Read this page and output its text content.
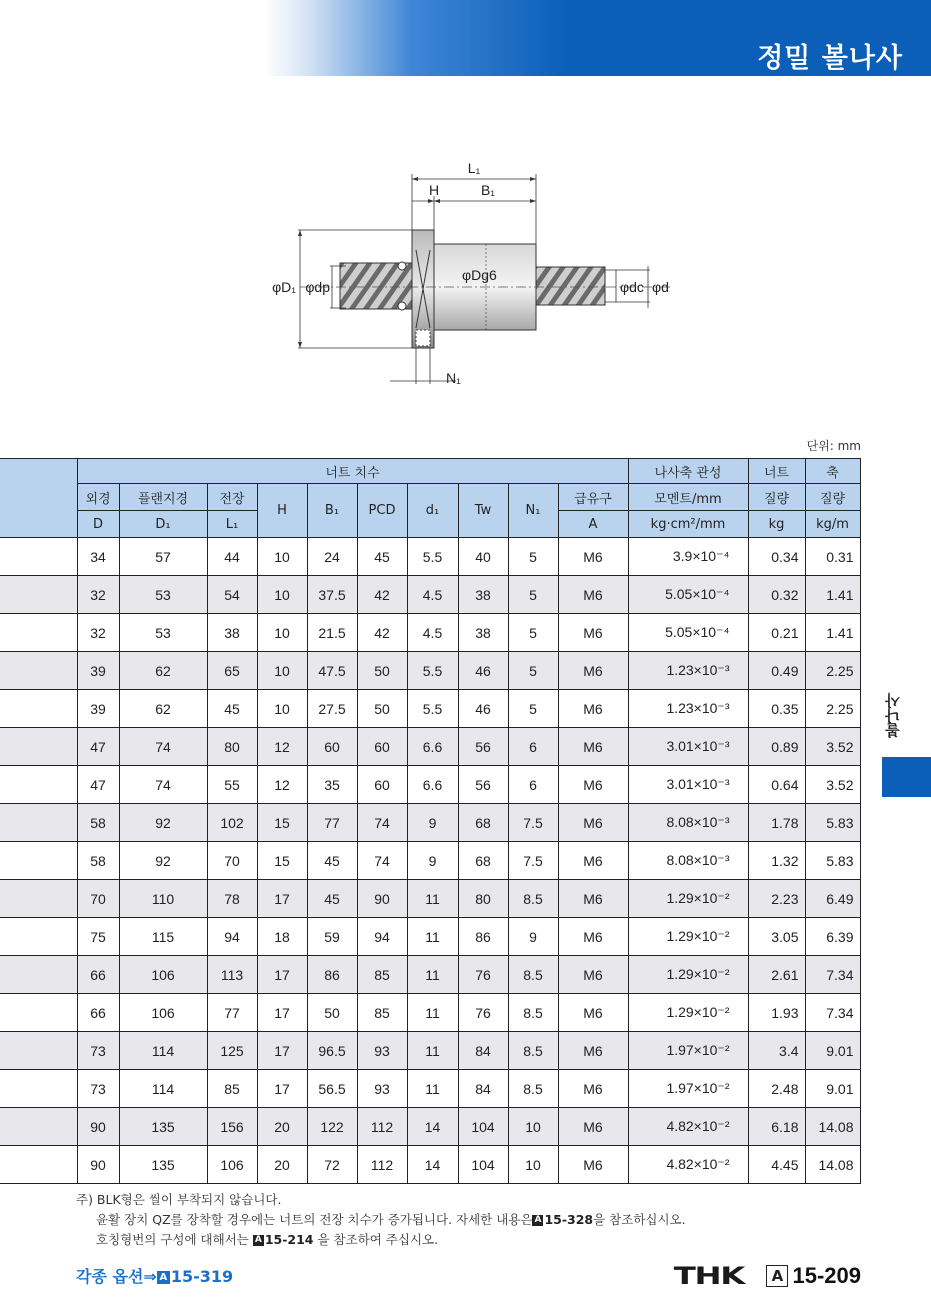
정밀 볼나사
L₁
H	B₁
φD₁ φdp
φDg6
φdc φd
N₁
단위: mm
	너트 치수										나사축 관성	너트	축
	외경	플랜지경	전장	H	B₁	PCD	d₁	Tw	N₁	급유구	모멘트/mm	질량	질량
	D	D₁	L₁							A	kg·cm²/mm	kg	kg/m
	34	57	44	10	24	45	5.5	40	5	M6	3.9×10⁻⁴	0.34	0.31
	32	53	54	10	37.5	42	4.5	38	5	M6	5.05×10⁻⁴	0.32	1.41
	32	53	38	10	21.5	42	4.5	38	5	M6	5.05×10⁻⁴	0.21	1.41
	39	62	65	10	47.5	50	5.5	46	5	M6	1.23×10⁻³	0.49	2.25
	39	62	45	10	27.5	50	5.5	46	5	M6	1.23×10⁻³	0.35	2.25
	47	74	80	12	60	60	6.6	56	6	M6	3.01×10⁻³	0.89	3.52
	47	74	55	12	35	60	6.6	56	6	M6	3.01×10⁻³	0.64	3.52
	58	92	102	15	77	74	9	68	7.5	M6	8.08×10⁻³	1.78	5.83
	58	92	70	15	45	74	9	68	7.5	M6	8.08×10⁻³	1.32	5.83
	70	110	78	17	45	90	11	80	8.5	M6	1.29×10⁻²	2.23	6.49
	75	115	94	18	59	94	11	86	9	M6	1.29×10⁻²	3.05	6.39
	66	106	113	17	86	85	11	76	8.5	M6	1.29×10⁻²	2.61	7.34
	66	106	77	17	50	85	11	76	8.5	M6	1.29×10⁻²	1.93	7.34
	73	114	125	17	96.5	93	11	84	8.5	M6	1.97×10⁻²	3.4	9.01
	73	114	85	17	56.5	93	11	84	8.5	M6	1.97×10⁻²	2.48	9.01
	90	135	156	20	122	112	14	104	10	M6	4.82×10⁻²	6.18	14.08
	90	135	106	20	72	112	14	104	10	M6	4.82×10⁻²	4.45	14.08
볼나사
주) BLK형은 씰이 부착되지 않습니다.
윤활 장치 QZ를 장착할 경우에는 너트의 전장 치수가 증가됩니다. 자세한 내용은 A 15-328을 참조하십시오.
호칭형번의 구성에 대해서는 A 15-214 을 참조하여 주십시오.
각종 옵션⇒ A 15-319	THK	A 15-209
